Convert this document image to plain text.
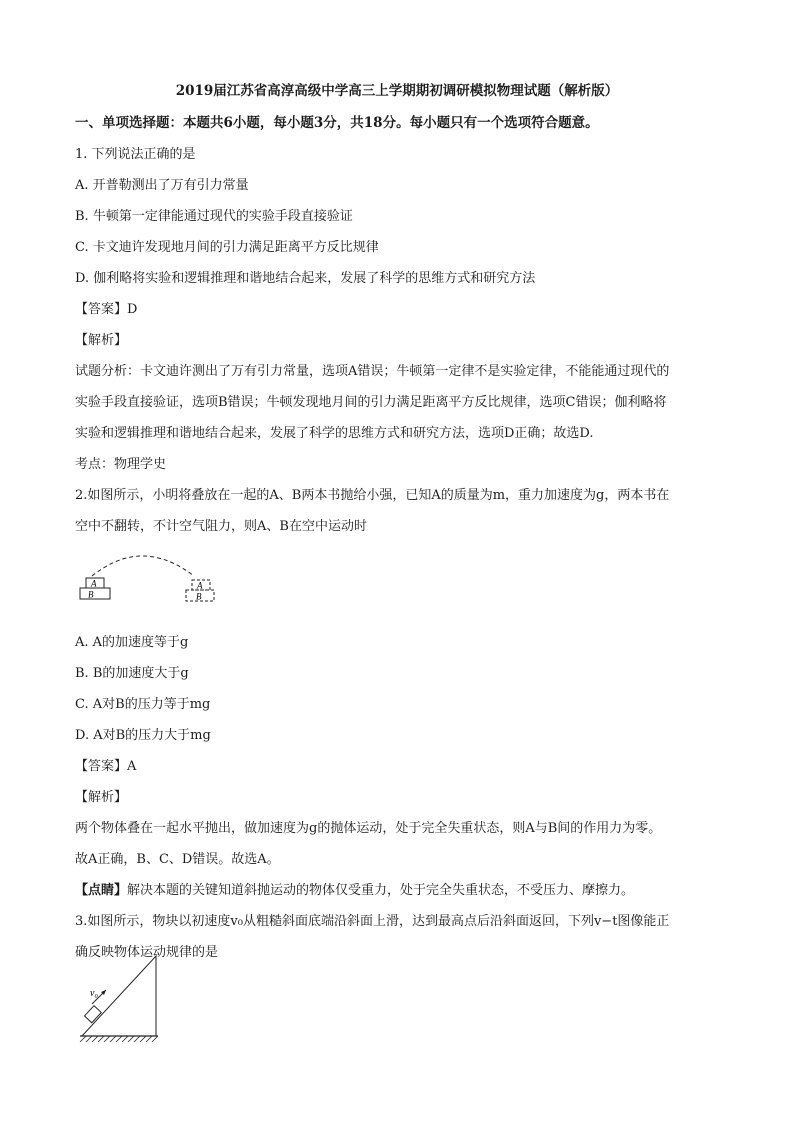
2019届江苏省高淳高级中学高三上学期期初调研模拟物理试题（解析版）
一、单项选择题：本题共6小题，每小题3分，共18分。每小题只有一个选项符合题意。
1. 下列说法正确的是
A. 开普勒测出了万有引力常量
B. 牛顿第一定律能通过现代的实验手段直接验证
C. 卡文迪许发现地月间的引力满足距离平方反比规律
D. 伽利略将实验和逻辑推理和谐地结合起来，发展了科学的思维方式和研究方法
【答案】D
【解析】
试题分析：卡文迪许测出了万有引力常量，选项A错误；牛顿第一定律不是实验定律，不能能通过现代的
实验手段直接验证，选项B错误；牛顿发现地月间的引力满足距离平方反比规律，选项C错误；伽利略将
实验和逻辑推理和谐地结合起来，发展了科学的思维方式和研究方法，选项D正确；故选D.
考点：物理学史
2.如图所示，小明将叠放在一起的A、B两本书抛给小强，已知A的质量为m，重力加速度为g，两本书在
空中不翻转，不计空气阻力，则A、B在空中运动时
A
B
A
B
A. A的加速度等于g
B. B的加速度大于g
C. A对B的压力等于mg
D. A对B的压力大于mg
【答案】A
【解析】
两个物体叠在一起水平抛出，做加速度为g的抛体运动，处于完全失重状态，则A与B间的作用力为零。
故A正确，B、C、D错误。故选A。
【点睛】解决本题的关键知道斜抛运动的物体仅受重力，处于完全失重状态，不受压力、摩擦力。
3.如图所示，物块以初速度v₀从粗糙斜面底端沿斜面上滑，达到最高点后沿斜面返回，下列v−t图像能正
确反映物体运动规律的是
v₀
